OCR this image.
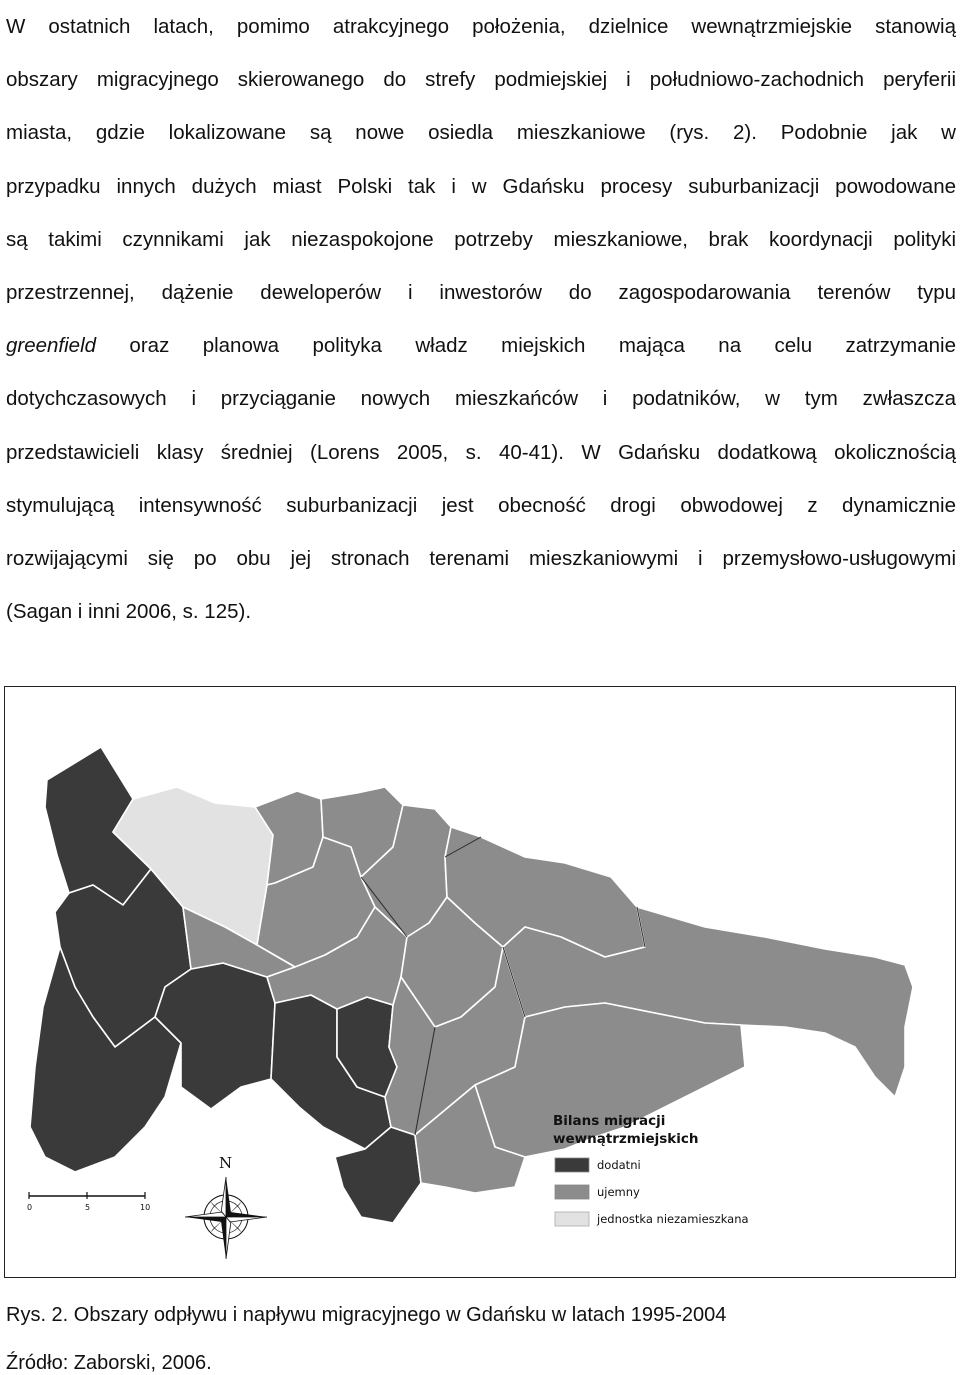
W ostatnich latach, pomimo atrakcyjnego położenia, dzielnice wewnątrzmiejskie stanowią
obszary migracyjnego skierowanego do strefy podmiejskiej i południowo-zachodnich peryferii
miasta, gdzie lokalizowane są nowe osiedla mieszkaniowe (rys. 2). Podobnie jak w
przypadku innych dużych miast Polski tak i w Gdańsku procesy suburbanizacji powodowane
są takimi czynnikami jak niezaspokojone potrzeby mieszkaniowe, brak koordynacji polityki
przestrzennej, dążenie deweloperów i inwestorów do zagospodarowania terenów typu
greenfield oraz planowa polityka władz miejskich mająca na celu zatrzymanie
dotychczasowych i przyciąganie nowych mieszkańców i podatników, w tym zwłaszcza
przedstawicieli klasy średniej (Lorens 2005, s. 40-41). W Gdańsku dodatkową okolicznością
stymulującą intensywność suburbanizacji jest obecność drogi obwodowej z dynamicznie
rozwijającymi się po obu jej stronach terenami mieszkaniowymi i przemysłowo-usługowymi
(Sagan i inni 2006, s. 125).
Bilans migracji
wewnątrzmiejskich
dodatni
ujemny
jednostka niezamieszkana
0	5	10
N
Rys. 2. Obszary odpływu i napływu migracyjnego w Gdańsku w latach 1995-2004
Źródło: Zaborski, 2006.
